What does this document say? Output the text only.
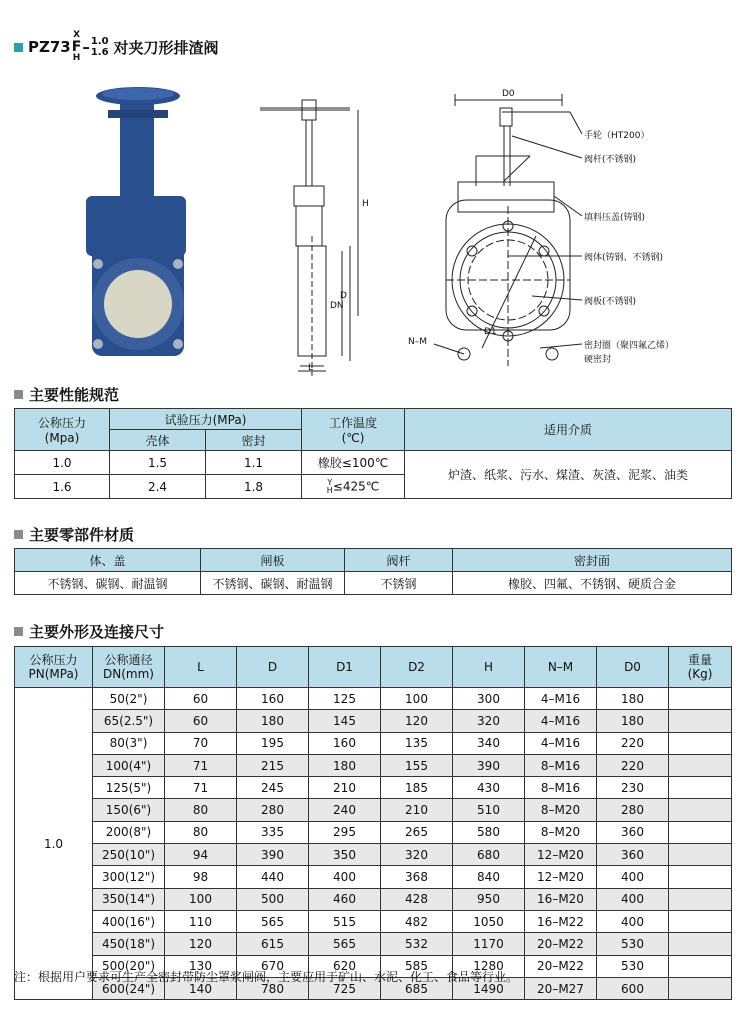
PZ73
X
F
H
– 1.0
1.6 对夹刀形排渣阀
D0
H
DN
D
L
D1
N–M
手轮（HT200）
阀杆(不锈钢)
填料压盖(铸钢)
阀体(铸钢、不锈钢)
阀板(不锈钢)
密封圈（聚四氟乙烯）
硬密封
主要性能规范
公称压力
(Mpa)	试验压力(MPa)		工作温度
(℃)	适用介质
	壳体	密封		
1.0	1.5	1.1	橡胶≤100℃	炉渣、纸浆、污水、煤渣、灰渣、泥浆、油类
1.6	2.4	1.8	Y
H ≤425℃	
主要零部件材质
体、盖	闸板	阀杆	密封面
不锈钢、碳钢、耐温钢	不锈钢、碳钢、耐温钢	不锈钢	橡胶、四氟、不锈钢、硬质合金
主要外形及连接尺寸
公称压力
PN(MPa)	公称通径
DN(mm)	L	D	D1	D2	H	N–M	D0	重量
(Kg)
1.0	50(2")	60	160	125	100	300	4–M16	180	
	65(2.5")	60	180	145	120	320	4–M16	180	
	80(3")	70	195	160	135	340	4–M16	220	
	100(4")	71	215	180	155	390	8–M16	220	
	125(5")	71	245	210	185	430	8–M16	230	
	150(6")	80	280	240	210	510	8–M20	280	
	200(8")	80	335	295	265	580	8–M20	360	
	250(10")	94	390	350	320	680	12–M20	360	
	300(12")	98	440	400	368	840	12–M20	400	
	350(14")	100	500	460	428	950	16–M20	400	
	400(16")	110	565	515	482	1050	16–M22	400	
	450(18")	120	615	565	532	1170	20–M22	530	
	500(20")	130	670	620	585	1280	20–M22	530	
	600(24")	140	780	725	685	1490	20–M27	600	
注：根据用户要求可生产全密封带防尘罩浆闸阀，主要应用于矿山、水泥、化工、食品等行业。
